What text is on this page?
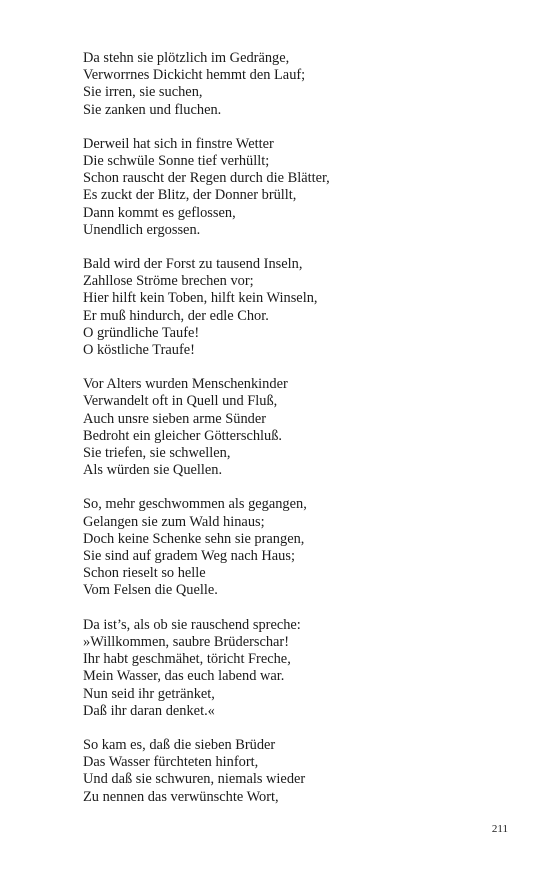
Da stehn sie plötzlich im Gedränge,
Verworrnes Dickicht hemmt den Lauf;
Sie irren, sie suchen,
Sie zanken und fluchen.
Derweil hat sich in finstre Wetter
Die schwüle Sonne tief verhüllt;
Schon rauscht der Regen durch die Blätter,
Es zuckt der Blitz, der Donner brüllt,
Dann kommt es geflossen,
Unendlich ergossen.
Bald wird der Forst zu tausend Inseln,
Zahllose Ströme brechen vor;
Hier hilft kein Toben, hilft kein Winseln,
Er muß hindurch, der edle Chor.
O gründliche Taufe!
O köstliche Traufe!
Vor Alters wurden Menschenkinder
Verwandelt oft in Quell und Fluß,
Auch unsre sieben arme Sünder
Bedroht ein gleicher Götterschluß.
Sie triefen, sie schwellen,
Als würden sie Quellen.
So, mehr geschwommen als gegangen,
Gelangen sie zum Wald hinaus;
Doch keine Schenke sehn sie prangen,
Sie sind auf gradem Weg nach Haus;
Schon rieselt so helle
Vom Felsen die Quelle.
Da ist’s, als ob sie rauschend spreche:
»Willkommen, saubre Brüderschar!
Ihr habt geschmähet, töricht Freche,
Mein Wasser, das euch labend war.
Nun seid ihr getränket,
Daß ihr daran denket.«
So kam es, daß die sieben Brüder
Das Wasser fürchteten hinfort,
Und daß sie schwuren, niemals wieder
Zu nennen das verwünschte Wort,
211
